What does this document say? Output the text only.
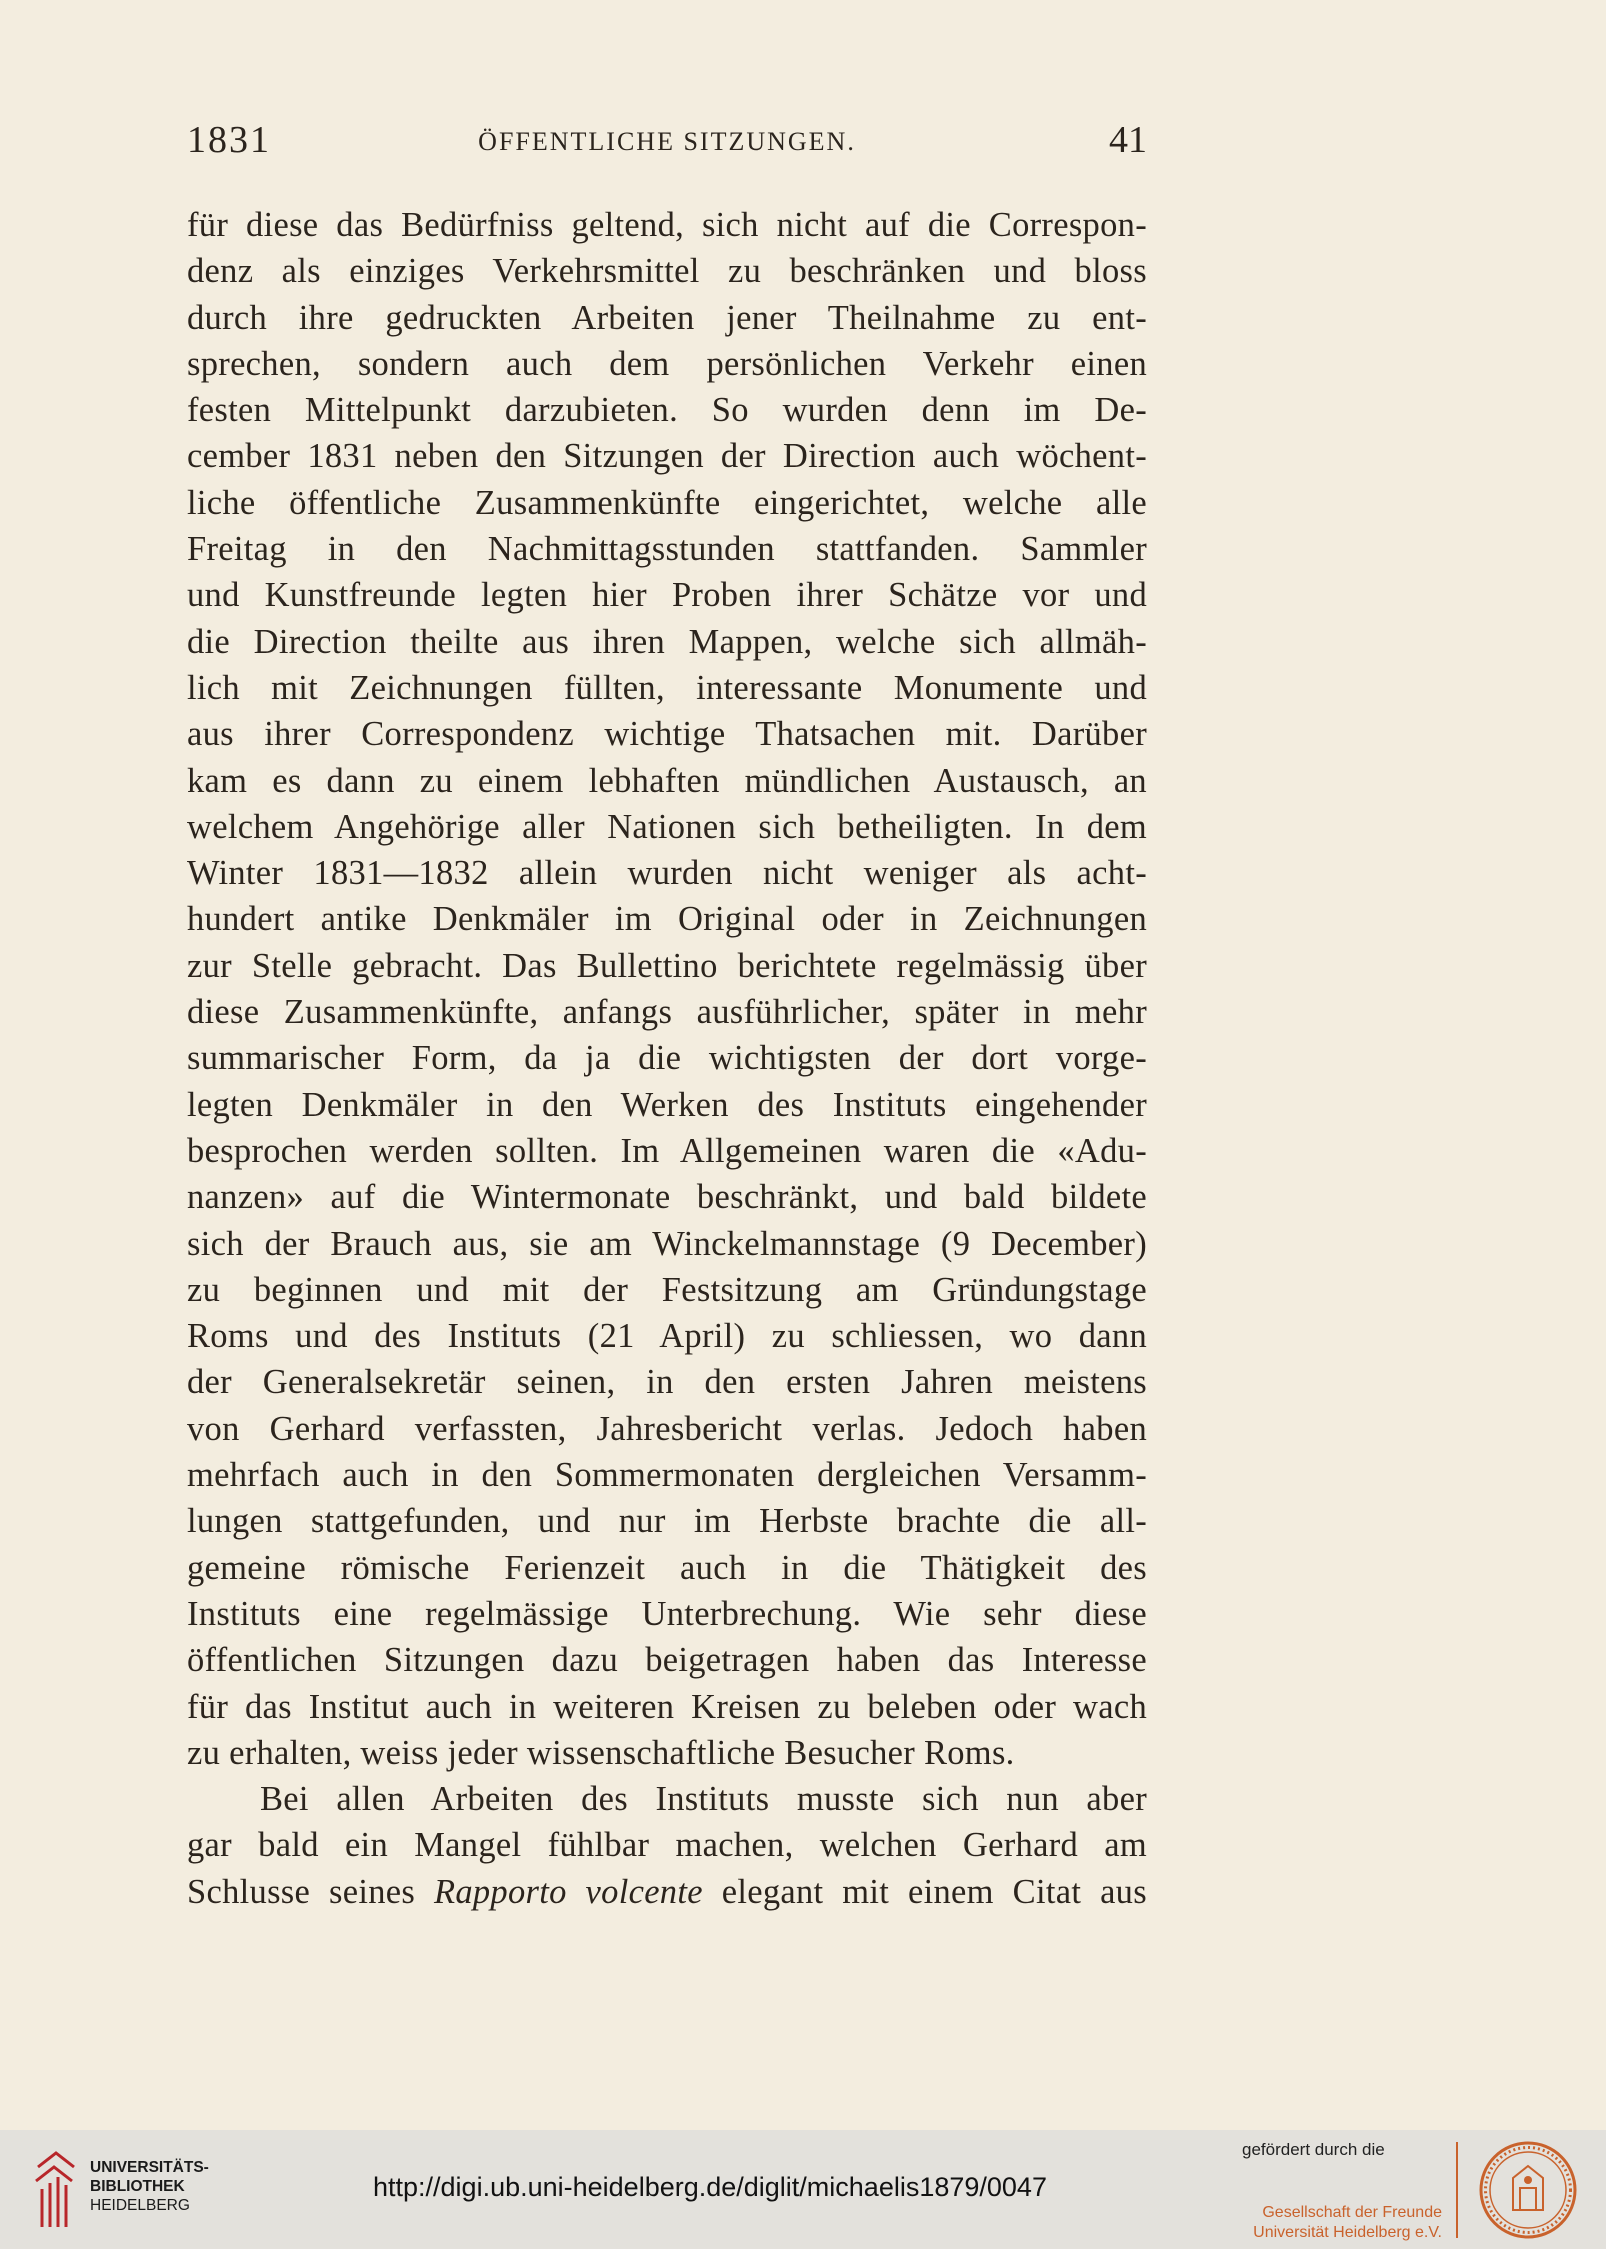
1831	ÖFFENTLICHE SITZUNGEN.	41
für diese das Bedürfniss geltend, sich nicht auf die Correspon-
denz als einziges Verkehrsmittel zu beschränken und bloss
durch ihre gedruckten Arbeiten jener Theilnahme zu ent-
sprechen, sondern auch dem persönlichen Verkehr einen
festen Mittelpunkt darzubieten. So wurden denn im De-
cember 1831 neben den Sitzungen der Direction auch wöchent-
liche öffentliche Zusammenkünfte eingerichtet, welche alle
Freitag in den Nachmittagsstunden stattfanden. Sammler
und Kunstfreunde legten hier Proben ihrer Schätze vor und
die Direction theilte aus ihren Mappen, welche sich allmäh-
lich mit Zeichnungen füllten, interessante Monumente und
aus ihrer Correspondenz wichtige Thatsachen mit. Darüber
kam es dann zu einem lebhaften mündlichen Austausch, an
welchem Angehörige aller Nationen sich betheiligten. In dem
Winter 1831—1832 allein wurden nicht weniger als acht-
hundert antike Denkmäler im Original oder in Zeichnungen
zur Stelle gebracht. Das Bullettino berichtete regelmässig über
diese Zusammenkünfte, anfangs ausführlicher, später in mehr
summarischer Form, da ja die wichtigsten der dort vorge-
legten Denkmäler in den Werken des Instituts eingehender
besprochen werden sollten. Im Allgemeinen waren die «Adu-
nanzen» auf die Wintermonate beschränkt, und bald bildete
sich der Brauch aus, sie am Winckelmannstage (9 December)
zu beginnen und mit der Festsitzung am Gründungstage
Roms und des Instituts (21 April) zu schliessen, wo dann
der Generalsekretär seinen, in den ersten Jahren meistens
von Gerhard verfassten, Jahresbericht verlas. Jedoch haben
mehrfach auch in den Sommermonaten dergleichen Versamm-
lungen stattgefunden, und nur im Herbste brachte die all-
gemeine römische Ferienzeit auch in die Thätigkeit des
Instituts eine regelmässige Unterbrechung. Wie sehr diese
öffentlichen Sitzungen dazu beigetragen haben das Interesse
für das Institut auch in weiteren Kreisen zu beleben oder wach
zu erhalten, weiss jeder wissenschaftliche Besucher Roms.
Bei allen Arbeiten des Instituts musste sich nun aber
gar bald ein Mangel fühlbar machen, welchen Gerhard am
Schlusse seines Rapporto volcente elegant mit einem Citat aus
UNIVERSITÄTS-
BIBLIOTHEK
HEIDELBERG
http://digi.ub.uni-heidelberg.de/diglit/michaelis1879/0047
gefördert durch die
Gesellschaft der Freunde
Universität Heidelberg e.V.
